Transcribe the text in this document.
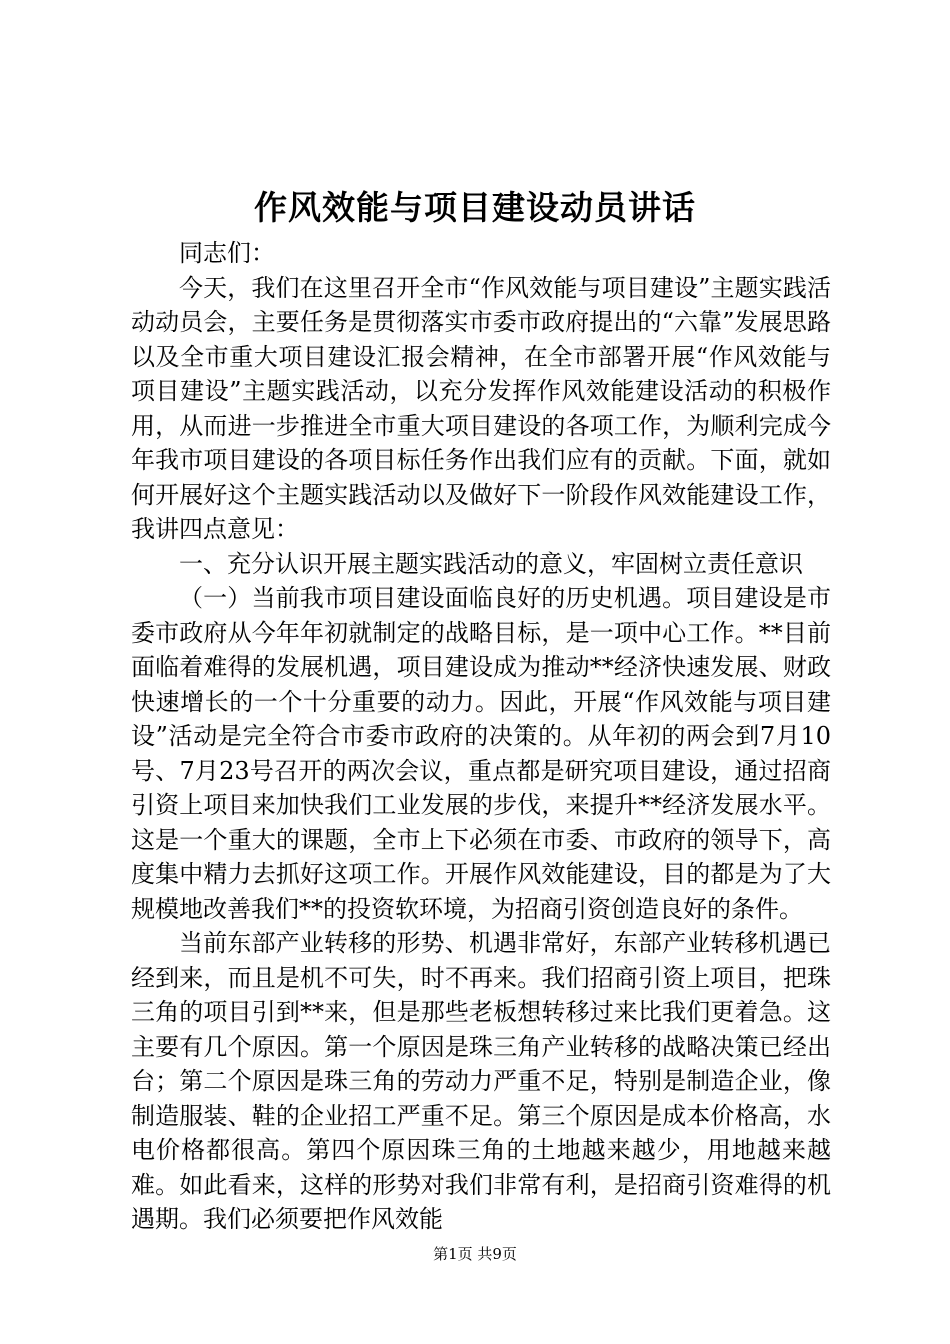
作风效能与项目建设动员讲话

同志们：

今天，我们在这里召开全市“作风效能与项目建设”主题实践活动动员会，主要任务是贯彻落实市委市政府提出的“六靠”发展思路以及全市重大项目建设汇报会精神，在全市部署开展“作风效能与项目建设”主题实践活动，以充分发挥作风效能建设活动的积极作用，从而进一步推进全市重大项目建设的各项工作，为顺利完成今年我市项目建设的各项目标任务作出我们应有的贡献。下面，就如何开展好这个主题实践活动以及做好下一阶段作风效能建设工作，我讲四点意见：

一、充分认识开展主题实践活动的意义，牢固树立责任意识

（一）当前我市项目建设面临良好的历史机遇。项目建设是市委市政府从今年年初就制定的战略目标，是一项中心工作。**目前面临着难得的发展机遇，项目建设成为推动**经济快速发展、财政快速增长的一个十分重要的动力。因此，开展“作风效能与项目建设”活动是完全符合市委市政府的决策的。从年初的两会到7月10号、7月23号召开的两次会议，重点都是研究项目建设，通过招商引资上项目来加快我们工业发展的步伐，来提升**经济发展水平。这是一个重大的课题，全市上下必须在市委、市政府的领导下，高度集中精力去抓好这项工作。开展作风效能建设，目的都是为了大规模地改善我们**的投资软环境，为招商引资创造良好的条件。

当前东部产业转移的形势、机遇非常好，东部产业转移机遇已经到来，而且是机不可失，时不再来。我们招商引资上项目，把珠三角的项目引到**来，但是那些老板想转移过来比我们更着急。这主要有几个原因。第一个原因是珠三角产业转移的战略决策已经出台；第二个原因是珠三角的劳动力严重不足，特别是制造企业，像制造服装、鞋的企业招工严重不足。第三个原因是成本价格高，水电价格都很高。第四个原因珠三角的土地越来越少，用地越来越难。如此看来，这样的形势对我们非常有利，是招商引资难得的机遇期。我们必须要把作风效能

第1页 共9页
